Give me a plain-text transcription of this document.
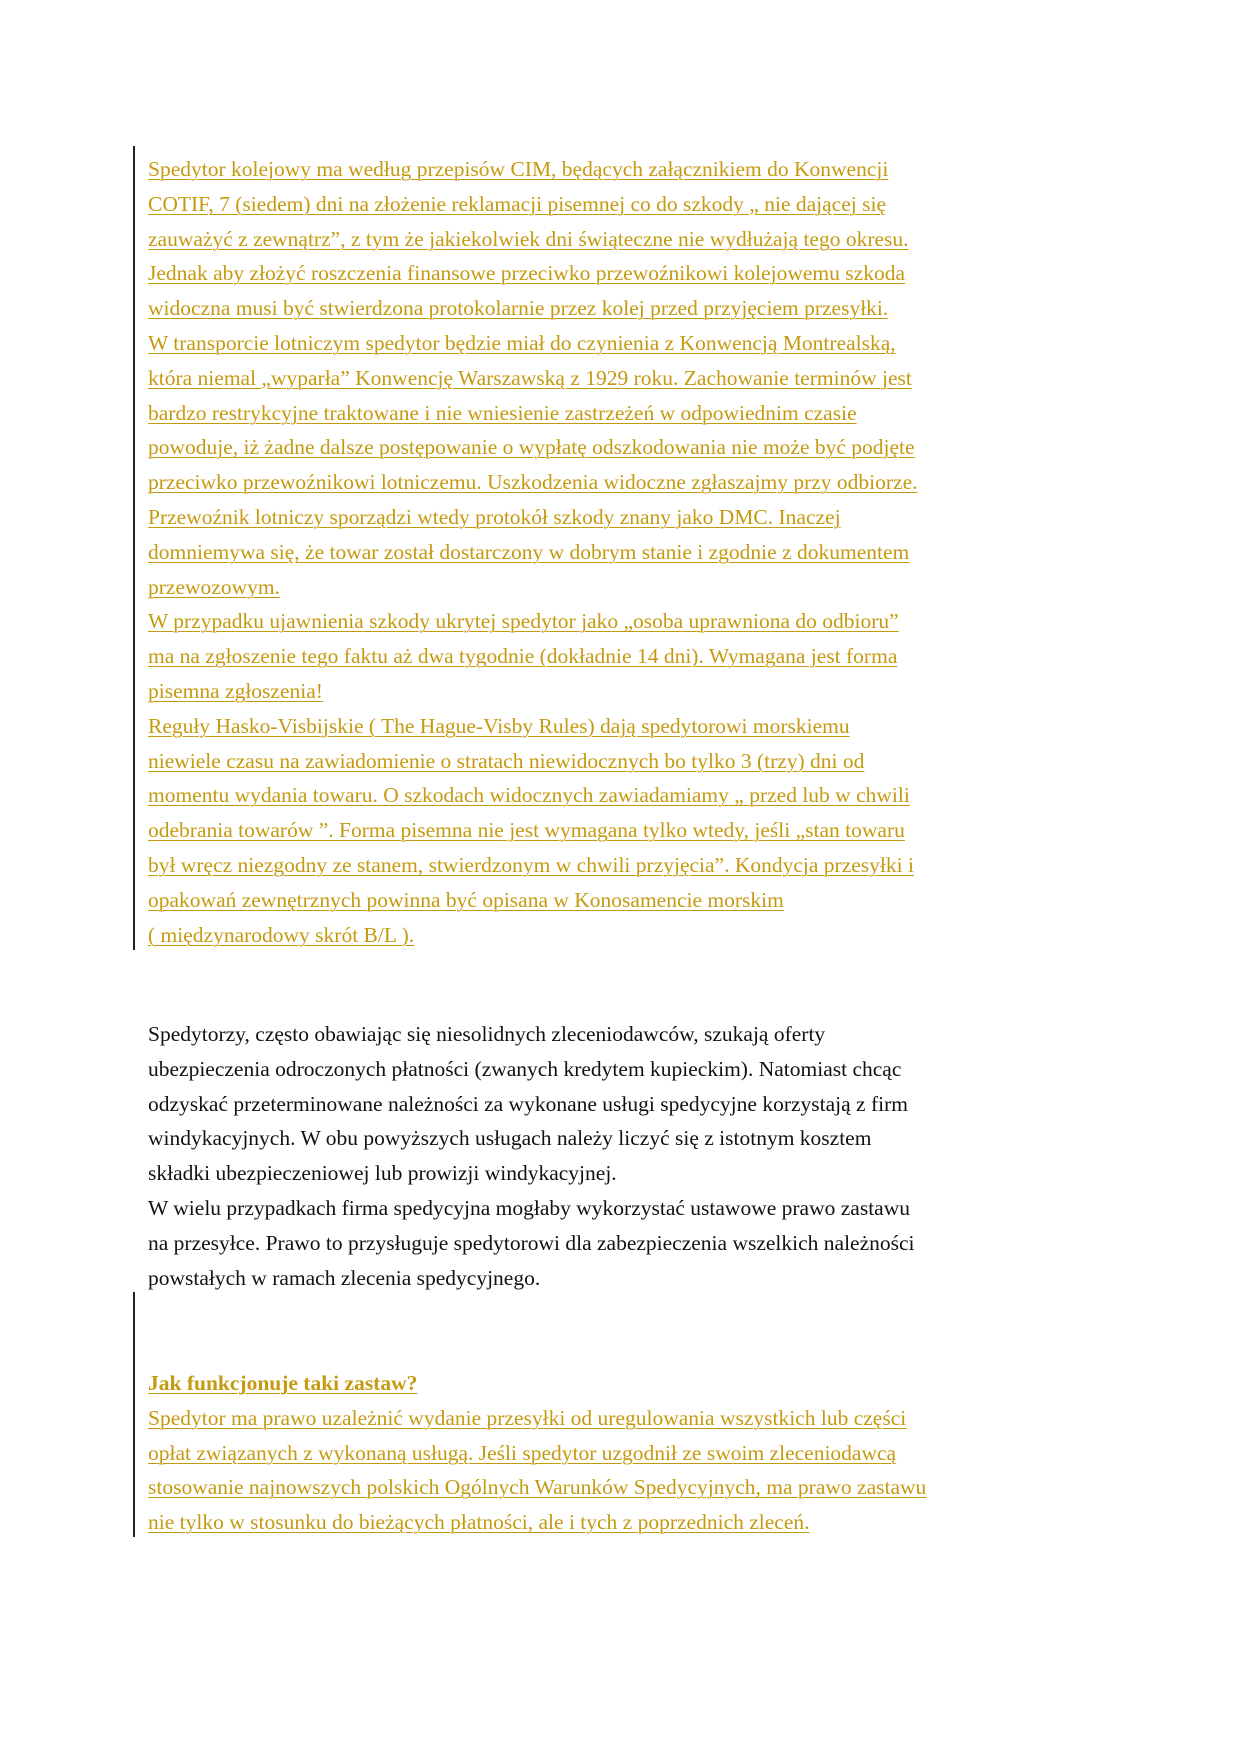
Spedytor kolejowy ma według przepisów CIM, będących załącznikiem do Konwencji

COTIF, 7 (siedem) dni na złożenie reklamacji pisemnej co do szkody „ nie dającej się

zauważyć z zewnątrz”, z tym że jakiekolwiek dni świąteczne nie wydłużają tego okresu.

Jednak aby złożyć roszczenia finansowe przeciwko przewoźnikowi kolejowemu szkoda

widoczna musi być stwierdzona protokolarnie przez kolej przed przyjęciem przesyłki.

W transporcie lotniczym spedytor będzie miał do czynienia z Konwencją Montrealską,

która niemal „wyparła” Konwencję Warszawską z 1929 roku. Zachowanie terminów jest

bardzo restrykcyjne traktowane i nie wniesienie zastrzeżeń w odpowiednim czasie

powoduje, iż żadne dalsze postępowanie o wypłatę odszkodowania nie może być podjęte

przeciwko przewoźnikowi lotniczemu. Uszkodzenia widoczne zgłaszajmy przy odbiorze.

Przewoźnik lotniczy sporządzi wtedy protokół szkody znany jako DMC. Inaczej

domniemywa się, że towar został dostarczony w dobrym stanie i zgodnie z dokumentem

przewozowym.

W przypadku ujawnienia szkody ukrytej spedytor jako „osoba uprawniona do odbioru”

ma na zgłoszenie tego faktu aż dwa tygodnie (dokładnie 14 dni). Wymagana jest forma

pisemna zgłoszenia!

Reguły Hasko-Visbijskie ( The Hague-Visby Rules) dają spedytorowi morskiemu

niewiele czasu na zawiadomienie o stratach niewidocznych bo tylko 3 (trzy) dni od

momentu wydania towaru. O szkodach widocznych zawiadamiamy „ przed lub w chwili

odebrania towarów ”. Forma pisemna nie jest wymagana tylko wtedy, jeśli „stan towaru

był wręcz niezgodny ze stanem, stwierdzonym w chwili przyjęcia”. Kondycja przesyłki i

opakowań zewnętrznych powinna być opisana w Konosamencie morskim

( międzynarodowy skrót B/L ).

Spedytorzy, często obawiając się niesolidnych zleceniodawców, szukają oferty

ubezpieczenia odroczonych płatności (zwanych kredytem kupieckim). Natomiast chcąc

odzyskać przeterminowane należności za wykonane usługi spedycyjne korzystają z firm

windykacyjnych. W obu powyższych usługach należy liczyć się z istotnym kosztem

składki ubezpieczeniowej lub prowizji windykacyjnej.

W wielu przypadkach firma spedycyjna mogłaby wykorzystać ustawowe prawo zastawu

na przesyłce. Prawo to przysługuje spedytorowi dla zabezpieczenia wszelkich należności

powstałych w ramach zlecenia spedycyjnego.

Jak funkcjonuje taki zastaw?

Spedytor ma prawo uzależnić wydanie przesyłki od uregulowania wszystkich lub części

opłat związanych z wykonaną usługą. Jeśli spedytor uzgodnił ze swoim zleceniodawcą

stosowanie najnowszych polskich Ogólnych Warunków Spedycyjnych, ma prawo zastawu

nie tylko w stosunku do bieżących płatności, ale i tych z poprzednich zleceń.
